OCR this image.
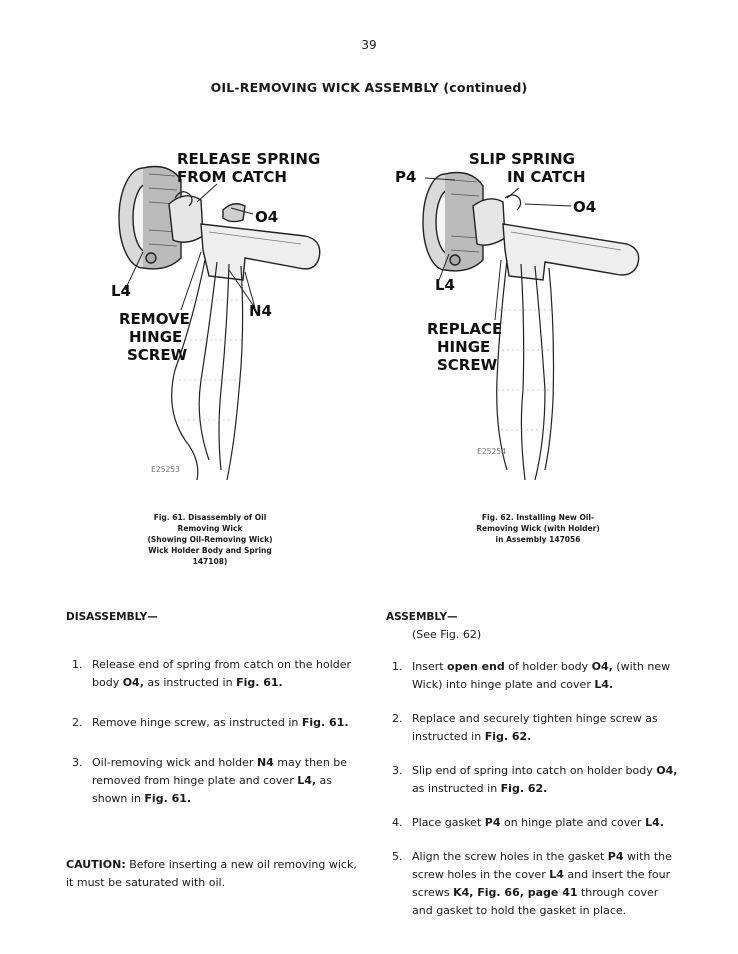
39
OIL-REMOVING WICK ASSEMBLY (continued)
RELEASE SPRING
FROM CATCH
O4
L4
N4
REMOVE
HINGE
SCREW
E25253
SLIP SPRING
IN CATCH
P4
O4
L4
REPLACE
HINGE
SCREW
E25254
Fig. 61. Disassembly of Oil
Removing Wick
(Showing Oil-Removing Wick)
Wick Holder Body and Spring
147108)
Fig. 62. Installing New Oil-
Removing Wick (with Holder)
in Assembly 147056
DISASSEMBLY—
1. Release end of spring from catch on the holder body O4, as instructed in Fig. 61.
2. Remove hinge screw, as instructed in Fig. 61.
3. Oil-removing wick and holder N4 may then be removed from hinge plate and cover L4, as shown in Fig. 61.
CAUTION: Before inserting a new oil removing wick, it must be saturated with oil.
ASSEMBLY—
(See Fig. 62)
1. Insert open end of holder body O4, (with new Wick) into hinge plate and cover L4.
2. Replace and securely tighten hinge screw as instructed in Fig. 62.
3. Slip end of spring into catch on holder body O4, as instructed in Fig. 62.
4. Place gasket P4 on hinge plate and cover L4.
5. Align the screw holes in the gasket P4 with the screw holes in the cover L4 and insert the four screws K4, Fig. 66, page 41 through cover and gasket to hold the gasket in place.
